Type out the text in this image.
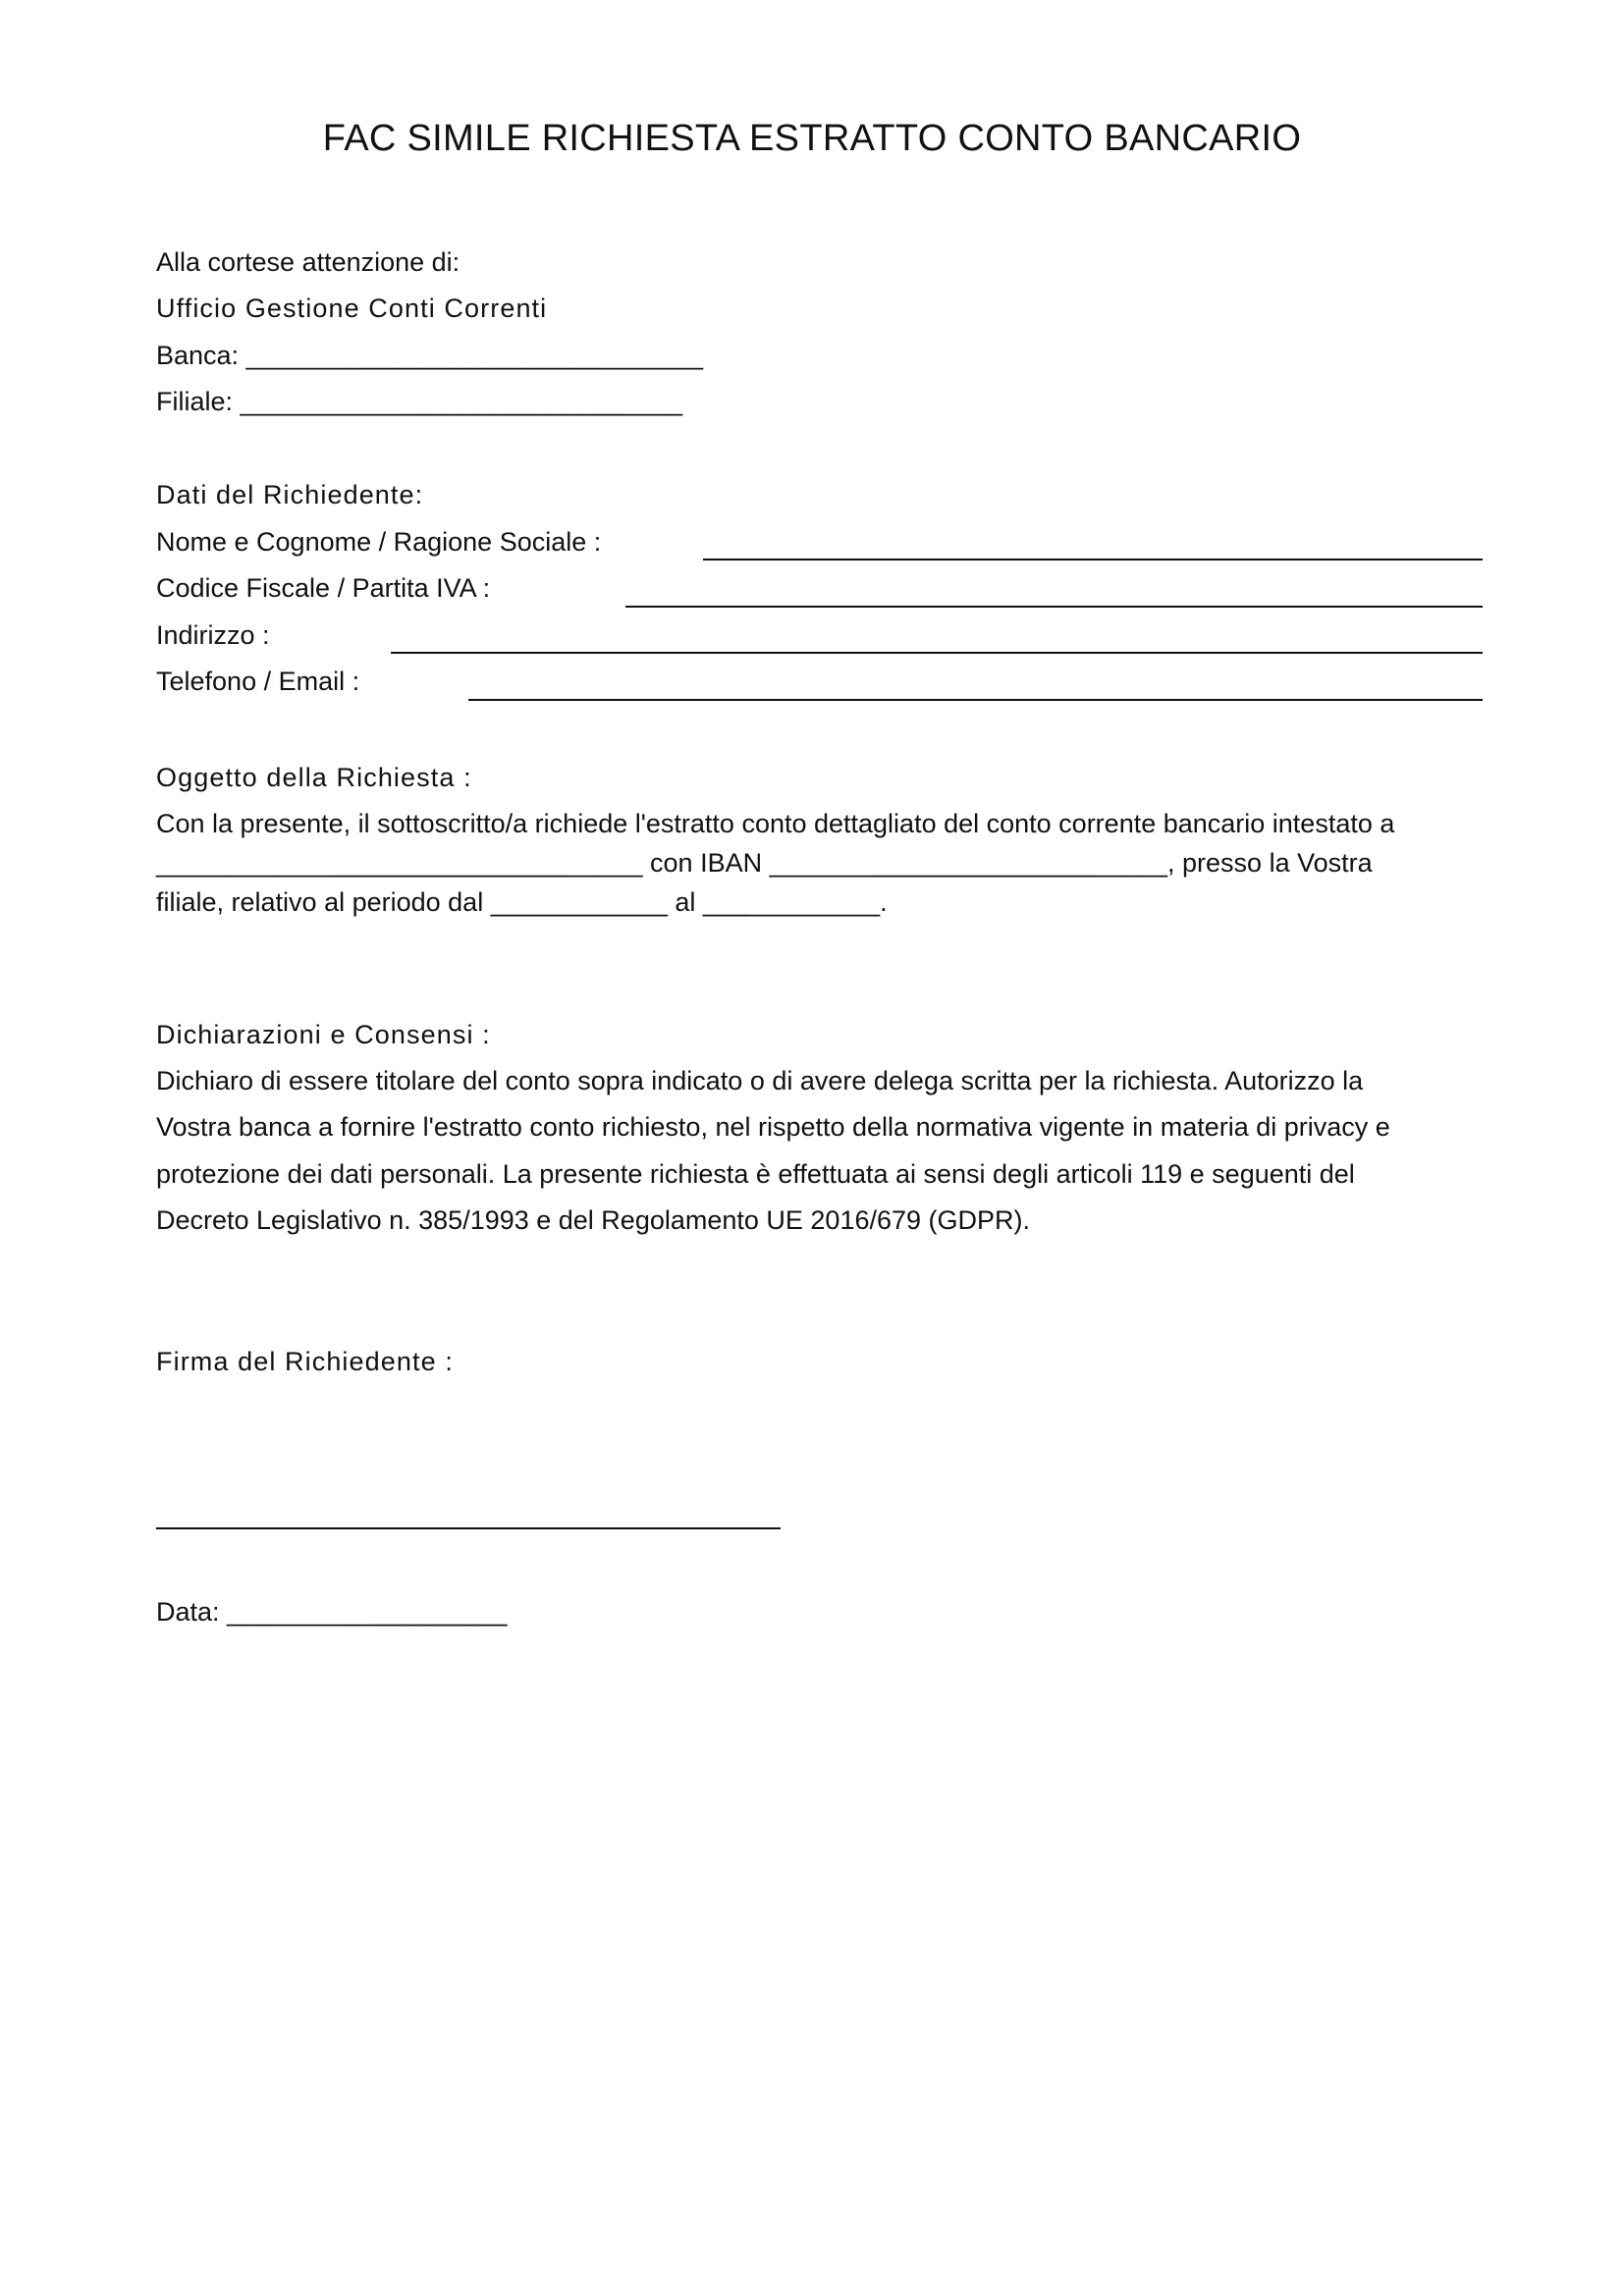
FAC SIMILE RICHIESTA ESTRATTO CONTO BANCARIO
Alla cortese attenzione di:
Ufficio Gestione Conti Correnti
Banca: _______________________________
Filiale: ______________________________
Dati del Richiedente:
Nome e Cognome / Ragione Sociale :
Codice Fiscale / Partita IVA :
Indirizzo :
Telefono / Email :
Oggetto della Richiesta :
Con la presente, il sottoscritto/a richiede l'estratto conto dettagliato del conto corrente bancario intestato a
_________________________________ con IBAN ___________________________, presso la Vostra
filiale, relativo al periodo dal ____________ al ____________.
Dichiarazioni e Consensi :
Dichiaro di essere titolare del conto sopra indicato o di avere delega scritta per la richiesta. Autorizzo la
Vostra banca a fornire l'estratto conto richiesto, nel rispetto della normativa vigente in materia di privacy e
protezione dei dati personali. La presente richiesta è effettuata ai sensi degli articoli 119 e seguenti del
Decreto Legislativo n. 385/1993 e del Regolamento UE 2016/679 (GDPR).
Firma del Richiedente :
Data: ___________________
